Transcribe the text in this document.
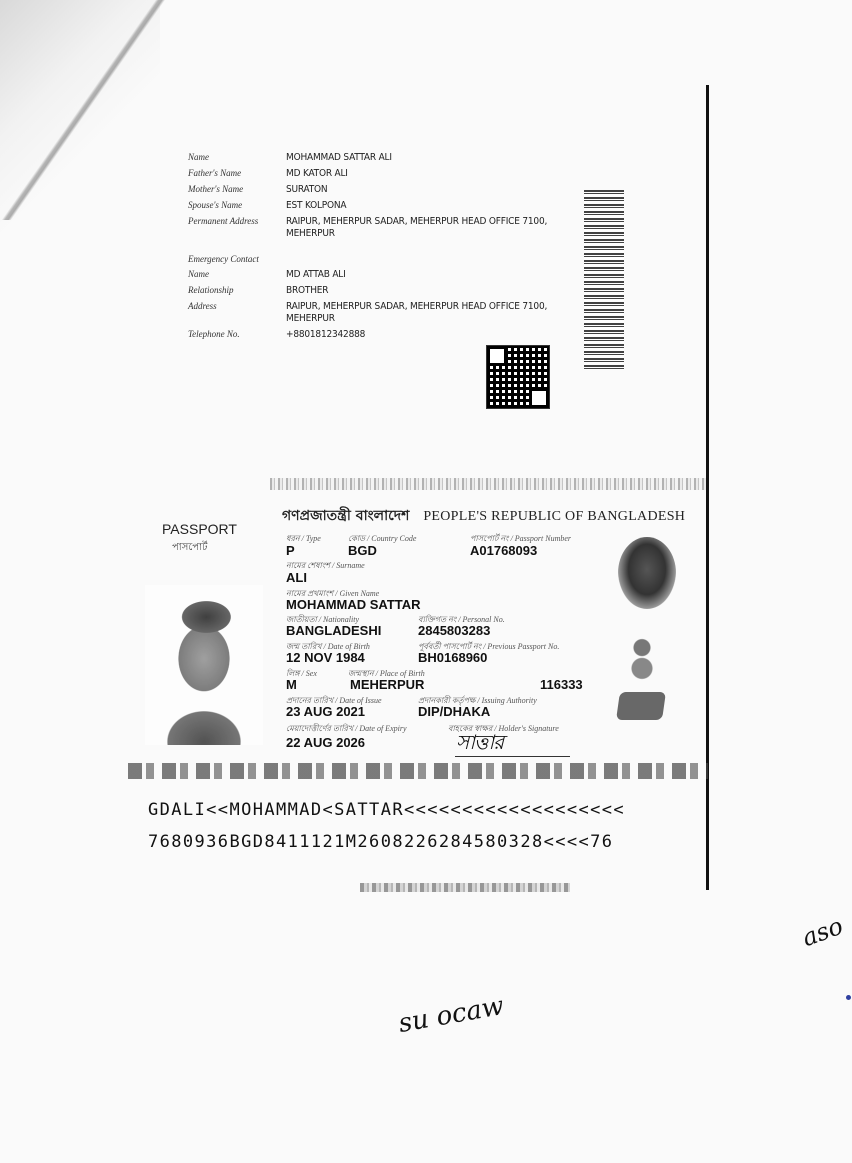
Name	MOHAMMAD SATTAR ALI
Father's Name	MD KATOR ALI
Mother's Name	SURATON
Spouse's Name	EST KOLPONA
Permanent Address	RAIPUR, MEHERPUR SADAR, MEHERPUR HEAD OFFICE 7100, MEHERPUR
Emergency Contact
Name	MD ATTAB ALI
Relationship	BROTHER
Address	RAIPUR, MEHERPUR SADAR, MEHERPUR HEAD OFFICE 7100, MEHERPUR
Telephone No.	+8801812342888
গণপ্রজাতন্ত্রী বাংলাদেশ PEOPLE'S REPUBLIC OF BANGLADESH
PASSPORT
পাসপোর্ট
ধরন / Type	কোড / Country Code	পাসপোর্ট নং / Passport Number
P	BGD	A01768093
নামের শেষাংশ / Surname
ALI
নামের প্রথমাংশ / Given Name
MOHAMMAD SATTAR
জাতীয়তা / Nationality	ব্যক্তিগত নং / Personal No.
BANGLADESHI	2845803283
জন্ম তারিখ / Date of Birth	পূর্ববর্তী পাসপোর্ট নং / Previous Passport No.
12 NOV 1984	BH0168960
লিঙ্গ / Sex	জন্মস্থান / Place of Birth
M	MEHERPUR	116333
প্রদানের তারিখ / Date of Issue	প্রদানকারী কর্তৃপক্ষ / Issuing Authority
23 AUG 2021	DIP/DHAKA
মেয়াদোত্তীর্ণের তারিখ / Date of Expiry	বাহকের স্বাক্ষর / Holder's Signature
22 AUG 2026	সাত্তার
GDALI<<MOHAMMAD<SATTAR<<<<<<<<<<<<<<<<<<<
7680936BGD8411121M2608226284580328<<<<76
su ocaw
aso
